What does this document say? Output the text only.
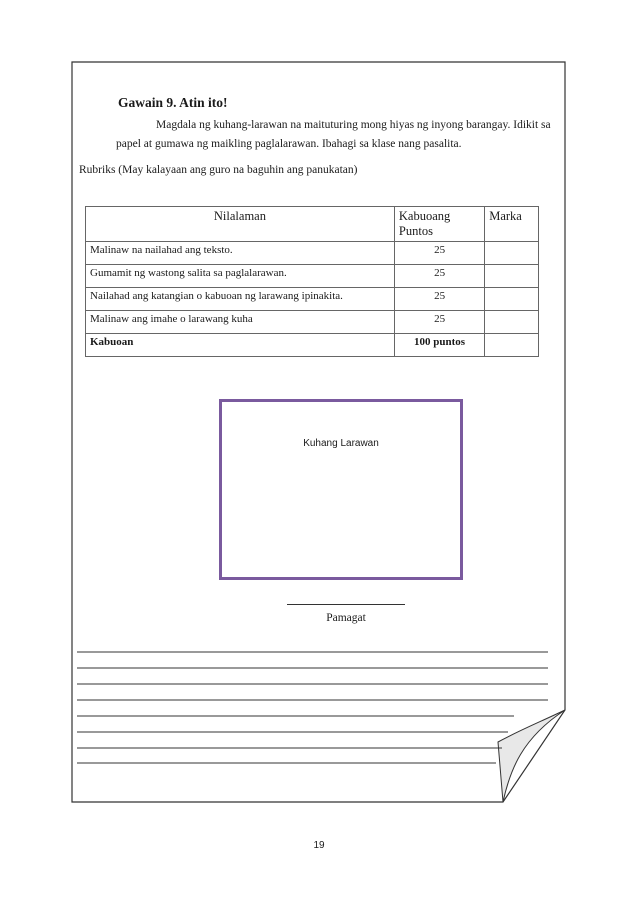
Gawain 9. Atin ito!
Magdala ng kuhang-larawan na maituturing mong hiyas ng inyong barangay. Idikit sa papel at gumawa ng maikling paglalarawan. Ibahagi sa klase nang pasalita.
Rubriks (May kalayaan ang guro na baguhin ang panukatan)
Nilalaman	Kabuoang Puntos	Marka
Malinaw na nailahad ang teksto.	25	
Gumamit ng wastong salita sa paglalarawan.	25	
Nailahad ang katangian o kabuoan ng larawang ipinakita.	25	
Malinaw ang imahe o larawang kuha	25	
Kabuoan	100 puntos	
Kuhang Larawan
Pamagat
19
